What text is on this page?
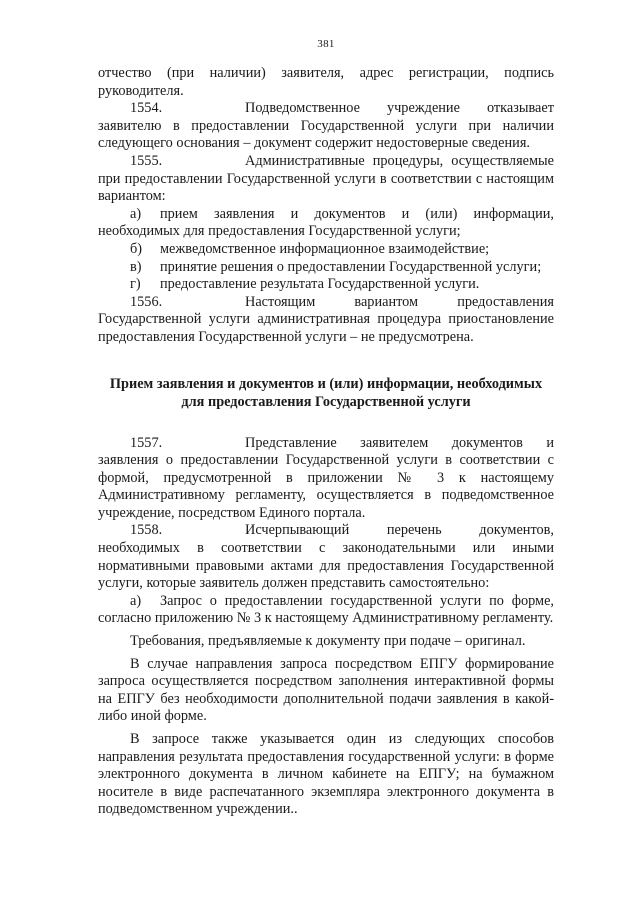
381

отчество (при наличии) заявителя, адрес регистрации, подпись руководителя.

1554.	Подведомственное учреждение отказывает заявителю в предоставлении Государственной услуги при наличии следующего основания – документ содержит недостоверные сведения.

1555.	Административные процедуры, осуществляемые при предоставлении Государственной услуги в соответствии с настоящим вариантом:

а) прием заявления и документов и (или) информации, необходимых для предоставления Государственной услуги;

б) межведомственное информационное взаимодействие;

в) принятие решения о предоставлении Государственной услуги;

г) предоставление результата Государственной услуги.

1556.	Настоящим вариантом предоставления Государственной услуги административная процедура приостановление предоставления Государственной услуги – не предусмотрена.

Прием заявления и документов и (или) информации, необходимых для предоставления Государственной услуги

1557.	Представление заявителем документов и заявления о предоставлении Государственной услуги в соответствии с формой, предусмотренной в приложении № 3 к настоящему Административному регламенту, осуществляется в подведомственное учреждение, посредством Единого портала.

1558.	Исчерпывающий перечень документов, необходимых в соответствии с законодательными или иными нормативными правовыми актами для предоставления Государственной услуги, которые заявитель должен представить самостоятельно:

а) Запрос о предоставлении государственной услуги по форме, согласно приложению № 3 к настоящему Административному регламенту.

Требования, предъявляемые к документу при подаче – оригинал.

В случае направления запроса посредством ЕПГУ формирование запроса осуществляется посредством заполнения интерактивной формы на ЕПГУ без необходимости дополнительной подачи заявления в какой-либо иной форме.

В запросе также указывается один из следующих способов направления результата предоставления государственной услуги: в форме электронного документа в личном кабинете на ЕПГУ; на бумажном носителе в виде распечатанного экземпляра электронного документа в подведомственном учреждении..
